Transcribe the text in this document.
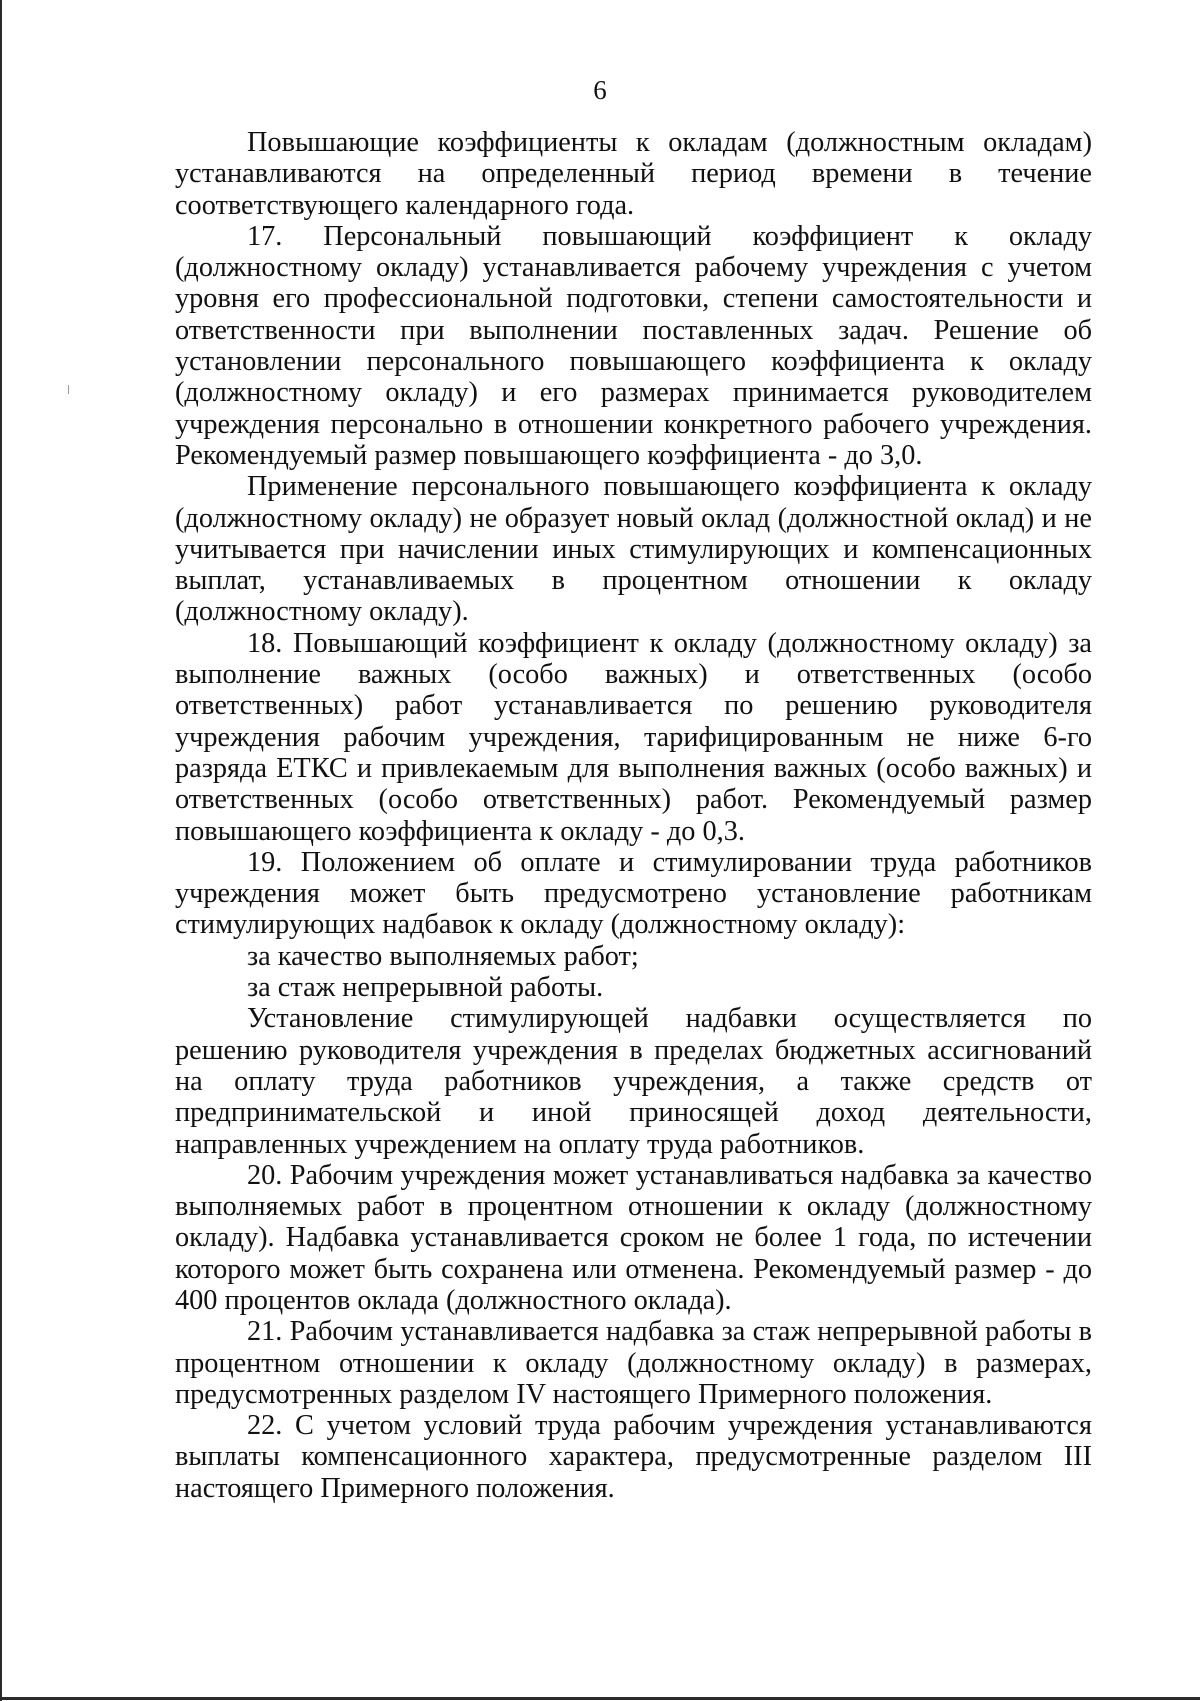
6

Повышающие коэффициенты к окладам (должностным окладам) устанавливаются на определенный период времени в течение соответствующего календарного года.

17. Персональный повышающий коэффициент к окладу (должностному окладу) устанавливается рабочему учреждения с учетом уровня его профессиональной подготовки, степени самостоятельности и ответственности при выполнении поставленных задач. Решение об установлении персонального повышающего коэффициента к окладу (должностному окладу) и его размерах принимается руководителем учреждения персонально в отношении конкретного рабочего учреждения. Рекомендуемый размер повышающего коэффициента - до 3,0.

Применение персонального повышающего коэффициента к окладу (должностному окладу) не образует новый оклад (должностной оклад) и не учитывается при начислении иных стимулирующих и компенсационных выплат, устанавливаемых в процентном отношении к окладу (должностному окладу).

18. Повышающий коэффициент к окладу (должностному окладу) за выполнение важных (особо важных) и ответственных (особо ответственных) работ устанавливается по решению руководителя учреждения рабочим учреждения, тарифицированным не ниже 6-го разряда ЕТКС и привлекаемым для выполнения важных (особо важных) и ответственных (особо ответственных) работ. Рекомендуемый размер повышающего коэффициента к окладу - до 0,3.

19. Положением об оплате и стимулировании труда работников учреждения может быть предусмотрено установление работникам стимулирующих надбавок к окладу (должностному окладу):

за качество выполняемых работ;

за стаж непрерывной работы.

Установление стимулирующей надбавки осуществляется по решению руководителя учреждения в пределах бюджетных ассигнований на оплату труда работников учреждения, а также средств от предпринимательской и иной приносящей доход деятельности, направленных учреждением на оплату труда работников.

20. Рабочим учреждения может устанавливаться надбавка за качество выполняемых работ в процентном отношении к окладу (должностному окладу). Надбавка устанавливается сроком не более 1 года, по истечении которого может быть сохранена или отменена. Рекомендуемый размер - до 400 процентов оклада (должностного оклада).

21. Рабочим устанавливается надбавка за стаж непрерывной работы в процентном отношении к окладу (должностному окладу) в размерах, предусмотренных разделом IV настоящего Примерного положения.

22. С учетом условий труда рабочим учреждения устанавливаются выплаты компенсационного характера, предусмотренные разделом III настоящего Примерного положения.
